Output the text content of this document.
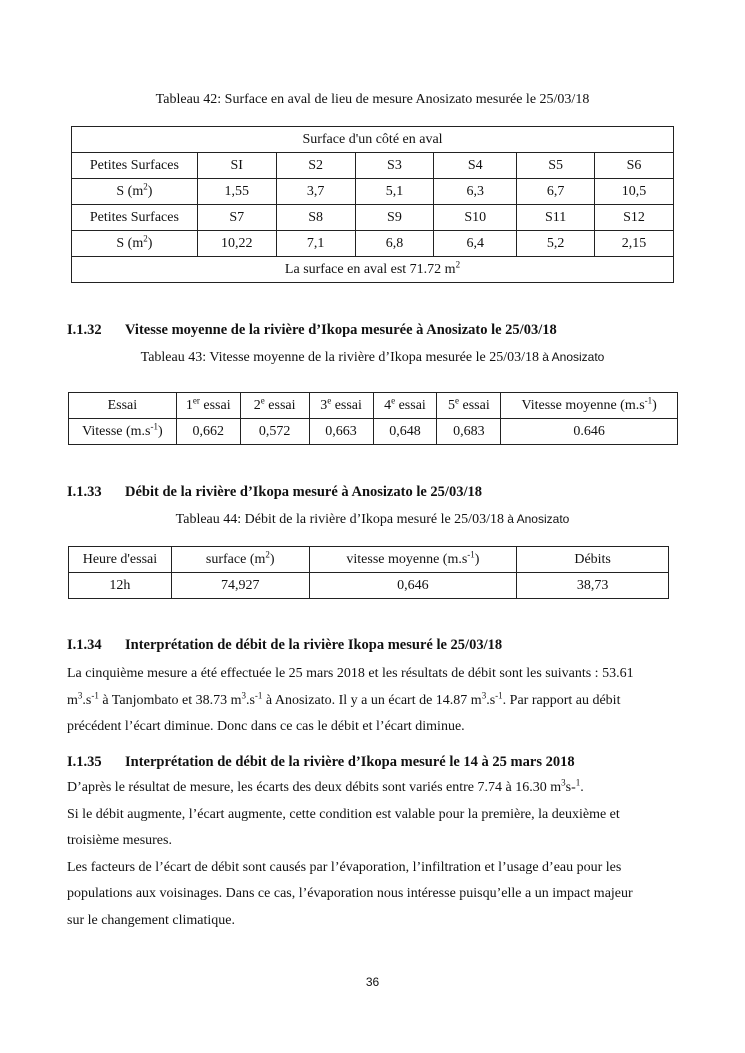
Tableau 42: Surface en aval de lieu de mesure Anosizato mesurée le 25/03/18
Surface d'un côté en aval						
Petites Surfaces	SI	S2	S3	S4	S5	S6
S $(m^2)$	1,55	3,7	5,1	6,3	6,7	10,5
Petites Surfaces	S7	S8	S9	S10	S11	S12
S $(m^2)$	10,22	7,1	6,8	6,4	5,2	2,15
La surface en aval est 71.72 $m^2$
I.1.32 Vitesse moyenne de la rivière d’Ikopa mesurée à Anosizato le 25/03/18
Tableau 43: Vitesse moyenne de la rivière d’Ikopa mesurée le 25/03/18 à Anosizato
Essai	1er essai	2e essai	3e essai	4e essai	5e essai	Vitesse moyenne $(m.s^{-1})$
Vitesse $(m.s^{-1})$	0,662	0,572	0,663	0,648	0,683	0.646
I.1.33 Débit de la rivière d’Ikopa mesuré à Anosizato le 25/03/18
Tableau 44: Débit de la rivière d’Ikopa mesuré le 25/03/18 à Anosizato
Heure d'essai	surface $(m^2)$	vitesse moyenne $(m.s^{-1})$	Débits
12h	74,927	0,646	38,73
I.1.34 Interprétation de débit de la rivière Ikopa mesuré le 25/03/18
La cinquième mesure a été effectuée le 25 mars 2018 et les résultats de débit sont les suivants : 53.61
$m^3.s^{-1}$ à Tanjombato et 38.73 $m^3.s^{-1}$ à Anosizato. Il y a un écart de 14.87 $m^3.s^{-1}$. Par rapport au débit
précédent l’écart diminue. Donc dans ce cas le débit et l’écart diminue.
I.1.35 Interprétation de débit de la rivière d’Ikopa mesuré le 14 à 25 mars 2018
D’après le résultat de mesure, les écarts des deux débits sont variés entre 7.74 à 16.30 $m^3s-^1$.
Si le débit augmente, l’écart augmente, cette condition est valable pour la première, la deuxième et
troisième mesures.
Les facteurs de l’écart de débit sont causés par l’évaporation, l’infiltration et l’usage d’eau pour les
populations aux voisinages. Dans ce cas, l’évaporation nous intéresse puisqu’elle a un impact majeur
sur le changement climatique.
36
